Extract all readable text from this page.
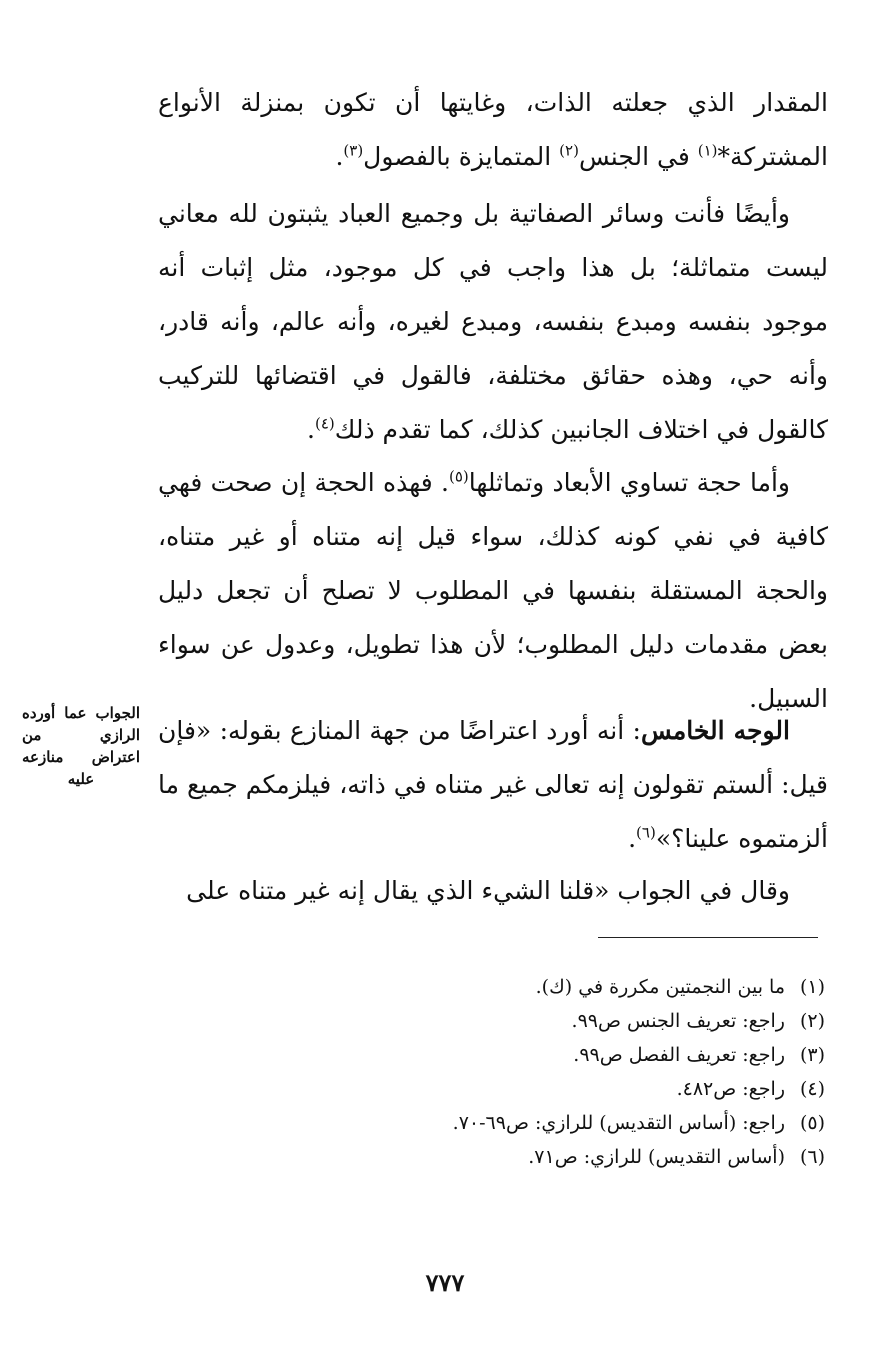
المقدار الذي جعلته الذات، وغايتها أن تكون بمنزلة الأنواع المشتركة*$^{(١)}$ في الجنس$^{(٢)}$ المتمايزة بالفصول$^{(٣)}$.

وأيضًا فأنت وسائر الصفاتية بل وجميع العباد يثبتون لله معاني ليست متماثلة؛ بل هذا واجب في كل موجود، مثل إثبات أنه موجود بنفسه ومبدع بنفسه، ومبدع لغيره، وأنه عالم، وأنه قادر، وأنه حي، وهذه حقائق مختلفة، فالقول في اقتضائها للتركيب كالقول في اختلاف الجانبين كذلك، كما تقدم ذلك$^{(٤)}$.

وأما حجة تساوي الأبعاد وتماثلها$^{(٥)}$. فهذه الحجة إن صحت فهي كافية في نفي كونه كذلك، سواء قيل إنه متناه أو غير متناه، والحجة المستقلة بنفسها في المطلوب لا تصلح أن تجعل دليل بعض مقدمات دليل المطلوب؛ لأن هذا تطويل، وعدول عن سواء السبيل.

الوجه الخامس: أنه أورد اعتراضًا من جهة المنازع بقوله: «فإن قيل: ألستم تقولون إنه تعالى غير متناه في ذاته، فيلزمكم جميع ما ألزمتموه علينا؟»$^{(٦)}$.

وقال في الجواب «قلنا الشيء الذي يقال إنه غير متناه على

الجواب عما أورده الرازي من اعتراض منازعه عليه
(١)ما بين النجمتين مكررة في (ك).
(٢)راجع: تعريف الجنس ص٩٩.
(٣)راجع: تعريف الفصل ص٩٩.
(٤)راجع: ص٤٨٢.
(٥)راجع: (أساس التقديس) للرازي: ص٦٩-٧٠.
(٦)(أساس التقديس) للرازي: ص٧١.
٧٧٧
